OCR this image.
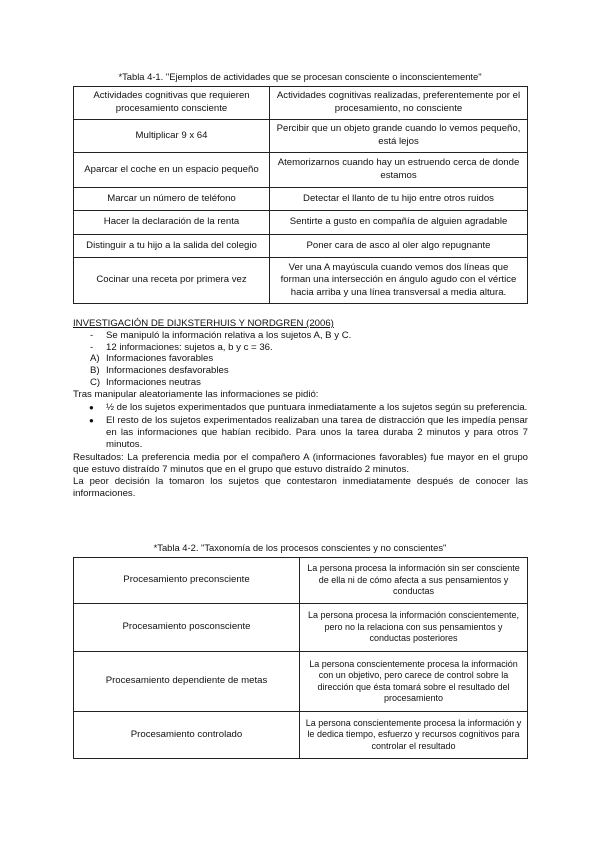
*Tabla 4-1. "Ejemplos de actividades que se procesan consciente o inconscientemente"
Actividades cognitivas que requieren procesamiento consciente	Actividades cognitivas realizadas, preferentemente por el procesamiento, no consciente
Multiplicar 9 x 64	Percibir que un objeto grande cuando lo vemos pequeño, está lejos
Aparcar el coche en un espacio pequeño	Atemorizarnos cuando hay un estruendo cerca de donde estamos
Marcar un número de teléfono	Detectar el llanto de tu hijo entre otros ruidos
Hacer la declaración de la renta	Sentirte a gusto en compañía de alguien agradable
Distinguir a tu hijo a la salida del colegio	Poner cara de asco al oler algo repugnante
Cocinar una receta por primera vez	Ver una A mayúscula cuando vemos dos líneas que forman una intersección en ángulo agudo con el vértice hacia arriba y una línea transversal a media altura.

INVESTIGACIÓN DE DIJKSTERHUIS Y NORDGREN (2006)

- Se manipuló la información relativa a los sujetos A, B y C.

- 12 informaciones: sujetos a, b y c = 36.

A) Informaciones favorables

B) Informaciones desfavorables

C) Informaciones neutras

Tras manipular aleatoriamente las informaciones se pidió:

● ½ de los sujetos experimentados que puntuara inmediatamente a los sujetos según su preferencia.

● El resto de los sujetos experimentados realizaban una tarea de distracción que les impedía pensar en las informaciones que habían recibido. Para unos la tarea duraba 2 minutos y para otros 7 minutos.

Resultados: La preferencia media por el compañero A (informaciones favorables) fue mayor en el grupo que estuvo distraído 7 minutos que en el grupo que estuvo distraído 2 minutos.

La peor decisión la tomaron los sujetos que contestaron inmediatamente después de conocer las informaciones.

*Tabla 4-2. "Taxonomía de los procesos conscientes y no conscientes"
Procesamiento preconsciente	La persona procesa la información sin ser consciente de ella ni de cómo afecta a sus pensamientos y conductas
Procesamiento posconsciente	La persona procesa la información conscientemente, pero no la relaciona con sus pensamientos y conductas posteriores
Procesamiento dependiente de metas	La persona conscientemente procesa la información con un objetivo, pero carece de control sobre la dirección que ésta tomará sobre el resultado del procesamiento
Procesamiento controlado	La persona conscientemente procesa la información y le dedica tiempo, esfuerzo y recursos cognitivos para controlar el resultado
